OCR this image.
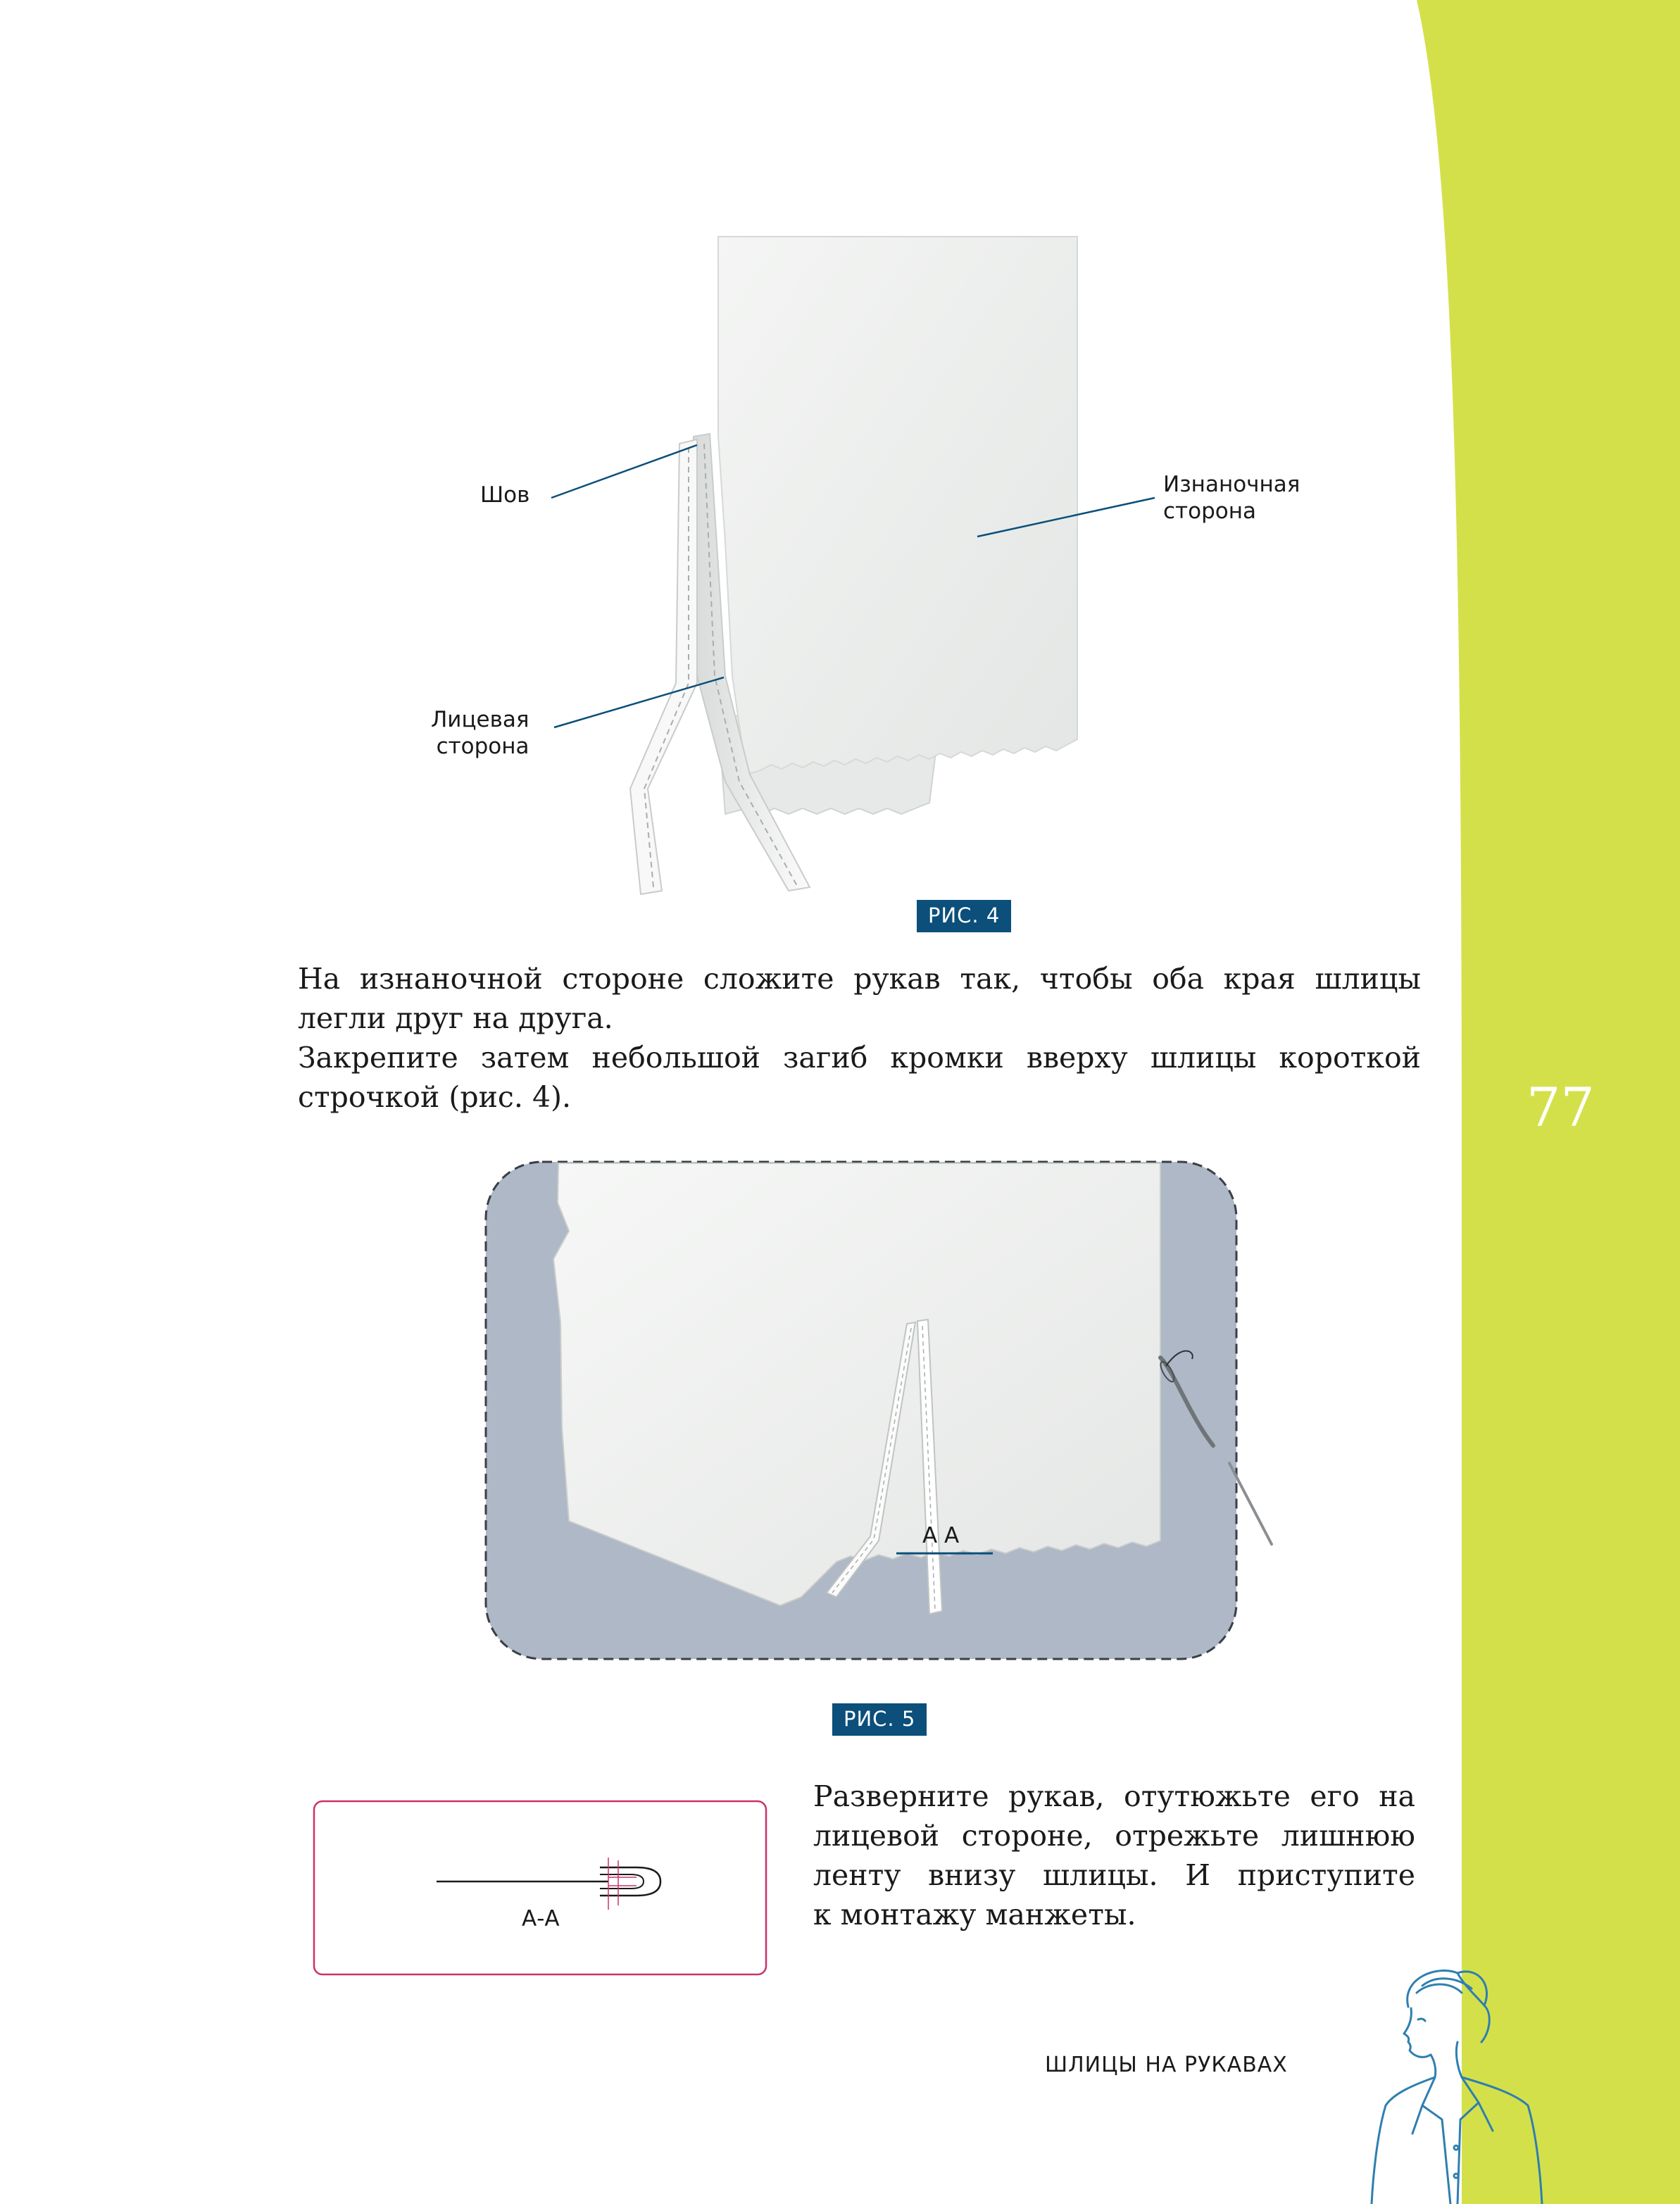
Шов	Изнаночная
сторона
Лицевая
сторона
РИС. 4
На изнаночной стороне сложите рукав так, чтобы оба края шлицы
легли друг на друга.
Закрепите затем небольшой загиб кромки вверху шлицы короткой
строчкой (рис. 4).	77
А А
РИС. 5
А-А
Разверните рукав, отутюжьте его на
лицевой стороне, отрежьте лишнюю
ленту внизу шлицы. И приступите
к монтажу манжеты.
ШЛИЦЫ НА РУКАВАХ
